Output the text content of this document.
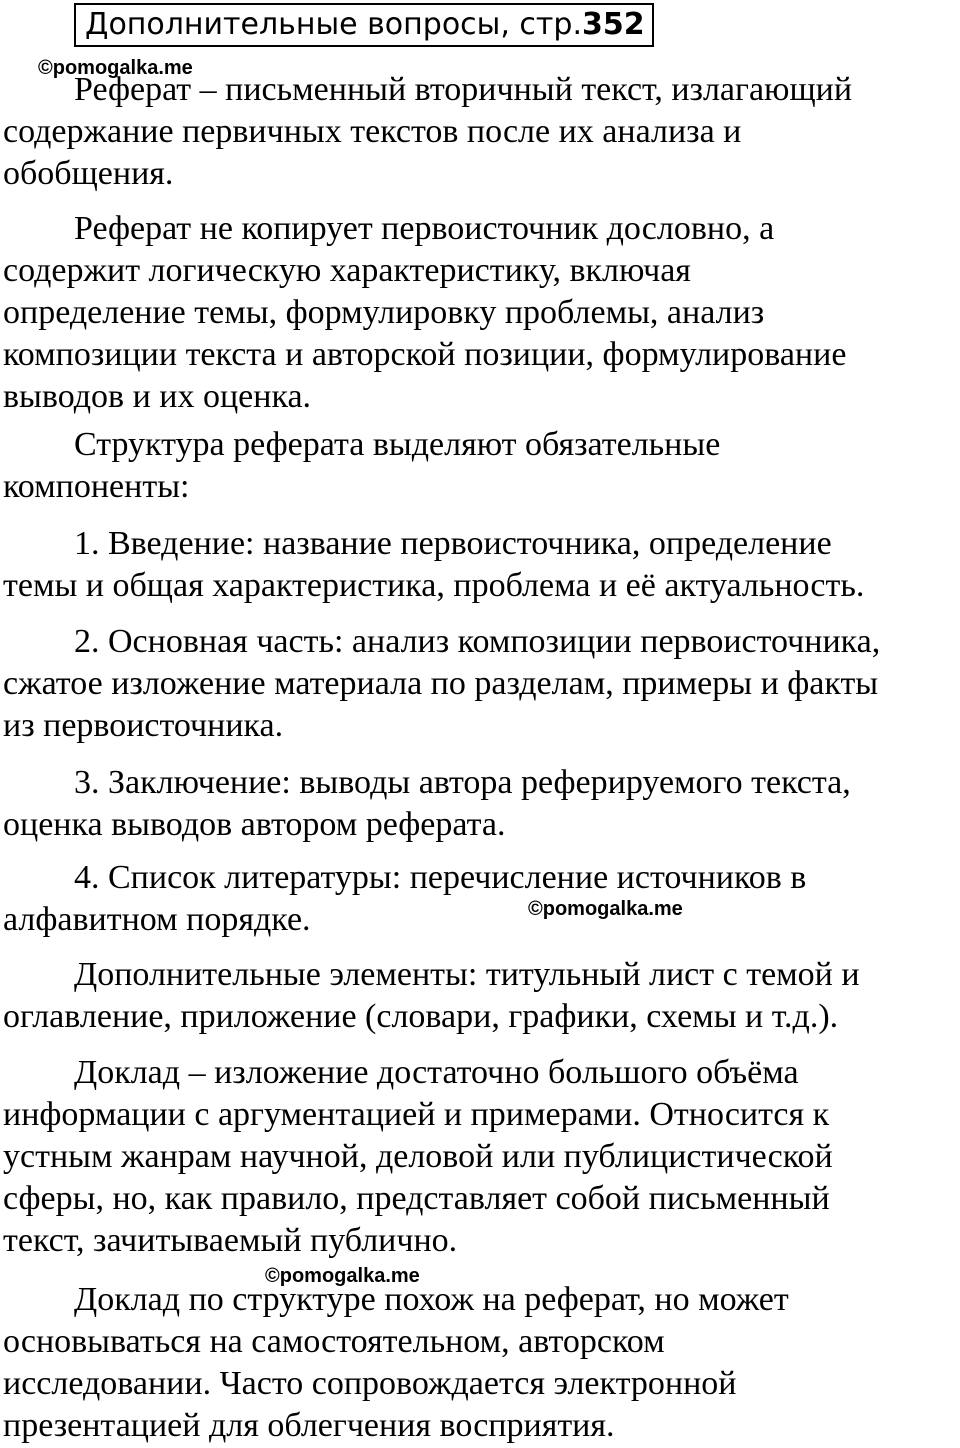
Дополнительные вопросы, стр. 352
©pomogalka.me
©pomogalka.me
©pomogalka.me
Реферат – письменный вторичный текст, излагающий
содержание первичных текстов после их анализа и
обобщения.
Реферат не копирует первоисточник дословно, а
содержит логическую характеристику, включая
определение темы, формулировку проблемы, анализ
композиции текста и авторской позиции, формулирование
выводов и их оценка.
Структура реферата выделяют обязательные
компоненты:
1. Введение: название первоисточника, определение
темы и общая характеристика, проблема и её актуальность.
2. Основная часть: анализ композиции первоисточника,
сжатое изложение материала по разделам, примеры и факты
из первоисточника.
3. Заключение: выводы автора реферируемого текста,
оценка выводов автором реферата.
4. Список литературы: перечисление источников в
алфавитном порядке.
Дополнительные элементы: титульный лист с темой и
оглавление, приложение (словари, графики, схемы и т.д.).
Доклад – изложение достаточно большого объёма
информации с аргументацией и примерами. Относится к
устным жанрам научной, деловой или публицистической
сферы, но, как правило, представляет собой письменный
текст, зачитываемый публично.
Доклад по структуре похож на реферат, но может
основываться на самостоятельном, авторском
исследовании. Часто сопровождается электронной
презентацией для облегчения восприятия.
